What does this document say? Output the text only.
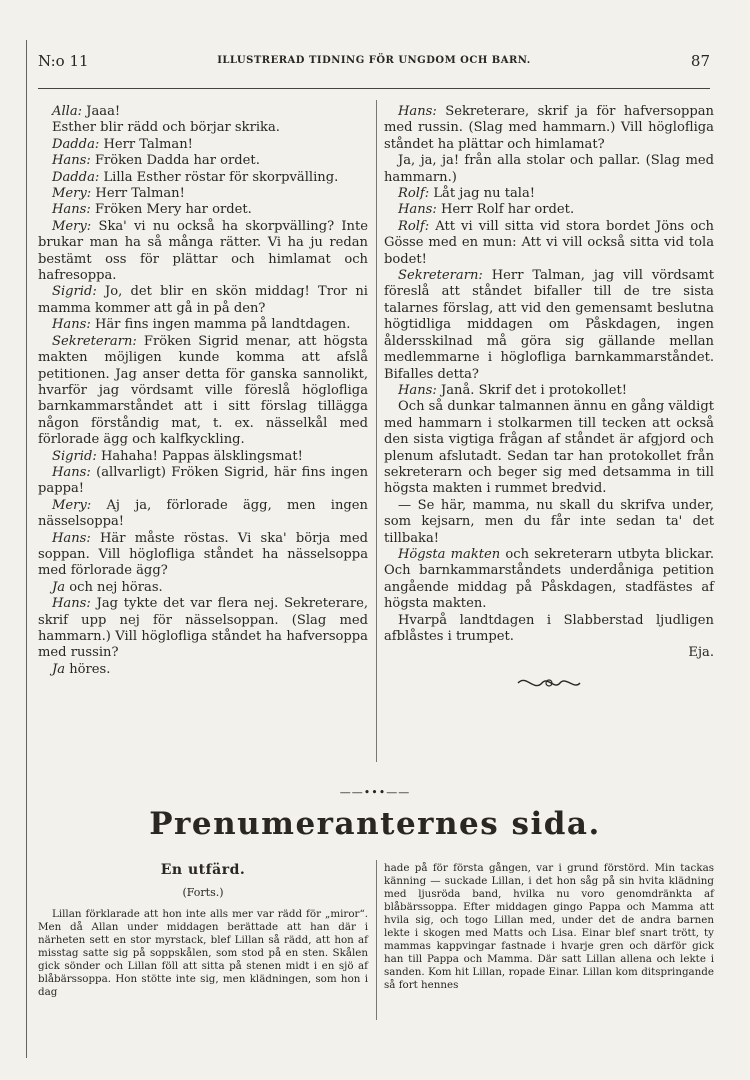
N:o 11	ILLUSTRERAD TIDNING FÖR UNGDOM OCH BARN.	87

Alla: Jaaa!

Esther blir rädd och börjar skrika.

Dadda: Herr Talman!

Hans: Fröken Dadda har ordet.

Dadda: Lilla Esther röstar för skorpvälling.

Mery: Herr Talman!

Hans: Fröken Mery har ordet.

Mery: Ska' vi nu också ha skorpvälling? Inte brukar man ha så många rätter. Vi ha ju redan bestämt oss för plättar och himlamat och hafresoppa.

Sigrid: Jo, det blir en skön middag! Tror ni mamma kommer att gå in på den?

Hans: Här fins ingen mamma på landtdagen.

Sekreterarn: Fröken Sigrid menar, att högsta makten möjligen kunde komma att afslå petitionen. Jag anser detta för ganska sannolikt, hvarför jag vördsamt ville föreslå höglofliga barnkammarståndet att i sitt förslag tillägga någon förståndig mat, t. ex. nässelkål med förlorade ägg och kalfkyckling.

Sigrid: Hahaha! Pappas älsklingsmat!

Hans: (allvarligt) Fröken Sigrid, här fins ingen pappa!

Mery: Aj ja, förlorade ägg, men ingen nässelsoppa!

Hans: Här måste röstas. Vi ska' börja med soppan. Vill höglofliga ståndet ha nässelsoppa med förlorade ägg?

Ja och nej höras.

Hans: Jag tykte det var flera nej. Sekreterare, skrif upp nej för nässelsoppan. (Slag med hammarn.) Vill höglofliga ståndet ha hafversoppa med russin?

Ja höres.

Hans: Sekreterare, skrif ja för hafversoppan med russin. (Slag med hammarn.) Vill höglofliga ståndet ha plättar och himlamat?

Ja, ja, ja! från alla stolar och pallar. (Slag med hammarn.)

Rolf: Låt jag nu tala!

Hans: Herr Rolf har ordet.

Rolf: Att vi vill sitta vid stora bordet Jöns och Gösse med en mun: Att vi vill också sitta vid tola bodet!

Sekreterarn: Herr Talman, jag vill vördsamt föreslå att ståndet bifaller till de tre sista talarnes förslag, att vid den gemensamt beslutna högtidliga middagen om Påskdagen, ingen åldersskilnad må göra sig gällande mellan medlemmarne i höglofliga barnkammarståndet. Bifalles detta?

Hans: Janå. Skrif det i protokollet!

Och så dunkar talmannen ännu en gång väldigt med hammarn i stolkarmen till tecken att också den sista vigtiga frågan af ståndet är afgjord och plenum afslutadt. Sedan tar han protokollet från sekreterarn och beger sig med detsamma in till högsta makten i rummet bredvid.

— Se här, mamma, nu skall du skrifva under, som kejsarn, men du får inte sedan ta' det tillbaka!

Högsta makten och sekreterarn utbyta blickar. Och barnkammarståndets underdåniga petition angående middag på Påskdagen, stadfästes af högsta makten.

Hvarpå landtdagen i Slabberstad ljudligen afblåstes i trumpet.

Eja.

——•••——
Prenumeranternes sida.
En utfärd.
(Forts.)
Lillan förklarade att hon inte alls mer var rädd för „miror“. Men då Allan under middagen berättade att han där i närheten sett en stor myrstack, blef Lillan så rädd, att hon af misstag satte sig på soppskålen, som stod på en sten. Skålen gick sönder och Lillan föll att sitta på stenen midt i en sjö af blåbärssoppa. Hon stötte inte sig, men klädningen, som hon i dag
hade på för första gången, var i grund förstörd. Min tackas känning — suckade Lillan, i det hon såg på sin hvita klädning med ljusröda band, hvilka nu voro genomdränkta af blåbärssoppa. Efter middagen gingo Pappa och Mamma att hvila sig, och togo Lillan med, under det de andra barnen lekte i skogen med Matts och Lisa. Einar blef snart trött, ty mammas kappvingar fastnade i hvarje gren och därför gick han till Pappa och Mamma. Där satt Lillan allena och lekte i sanden. Kom hit Lillan, ropade Einar. Lillan kom ditspringande så fort hennes
